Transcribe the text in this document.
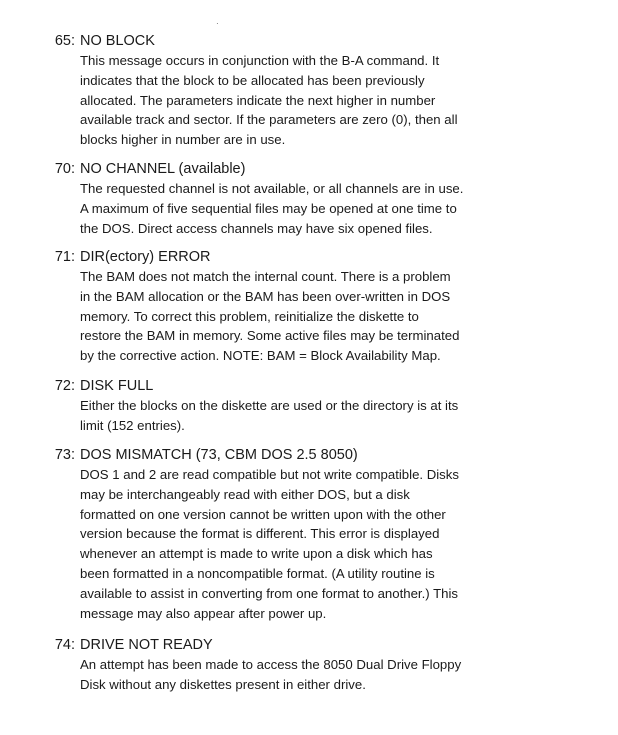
·
65: NO BLOCK
This message occurs in conjunction with the B-A command. It
indicates that the block to be allocated has been previously
allocated. The parameters indicate the next higher in number
available track and sector. If the parameters are zero (0), then all
blocks higher in number are in use.
70: NO CHANNEL (available)
The requested channel is not available, or all channels are in use.
A maximum of five sequential files may be opened at one time to
the DOS. Direct access channels may have six opened files.
71: DIR(ectory) ERROR
The BAM does not match the internal count. There is a problem
in the BAM allocation or the BAM has been over-written in DOS
memory. To correct this problem, reinitialize the diskette to
restore the BAM in memory. Some active files may be terminated
by the corrective action. NOTE: BAM = Block Availability Map.
72: DISK FULL
Either the blocks on the diskette are used or the directory is at its
limit (152 entries).
73: DOS MISMATCH (73, CBM DOS 2.5 8050)
DOS 1 and 2 are read compatible but not write compatible. Disks
may be interchangeably read with either DOS, but a disk
formatted on one version cannot be written upon with the other
version because the format is different. This error is displayed
whenever an attempt is made to write upon a disk which has
been formatted in a noncompatible format. (A utility routine is
available to assist in converting from one format to another.) This
message may also appear after power up.
74: DRIVE NOT READY
An attempt has been made to access the 8050 Dual Drive Floppy
Disk without any diskettes present in either drive.
